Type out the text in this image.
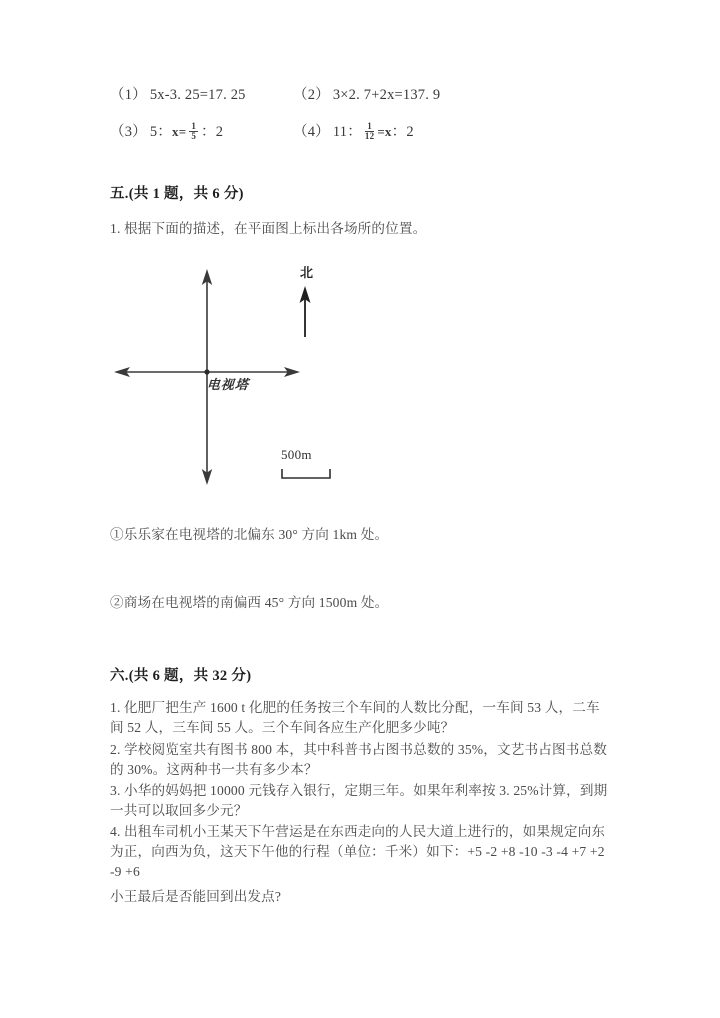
（1） 5x-3. 25=17. 25	（2） 3×2. 7+2x=137. 9
（3） 5：$x= \frac{1}{5}$ ：2	（4） 11： $\frac{1}{12} =x$：2
五.(共 1 题，共 6 分)
1. 根据下面的描述，在平面图上标出各场所的位置。
电视塔
北
500m
①乐乐家在电视塔的北偏东 30° 方向 1km 处。
②商场在电视塔的南偏西 45° 方向 1500m 处。
六.(共 6 题，共 32 分)
1. 化肥厂把生产 1600 t 化肥的任务按三个车间的人数比分配，一车间 53 人，二车间 52 人，三车间 55 人。三个车间各应生产化肥多少吨？
2. 学校阅览室共有图书 800 本，其中科普书占图书总数的 35%，文艺书占图书总数的 30%。这两种书一共有多少本？
3. 小华的妈妈把 10000 元钱存入银行，定期三年。如果年利率按 3. 25%计算，到期一共可以取回多少元？
4. 出租车司机小王某天下午营运是在东西走向的人民大道上进行的，如果规定向东为正，向西为负，这天下午他的行程（单位：千米）如下：+5 -2 +8 -10 -3 -4 +7 +2 -9 +6
小王最后是否能回到出发点?
